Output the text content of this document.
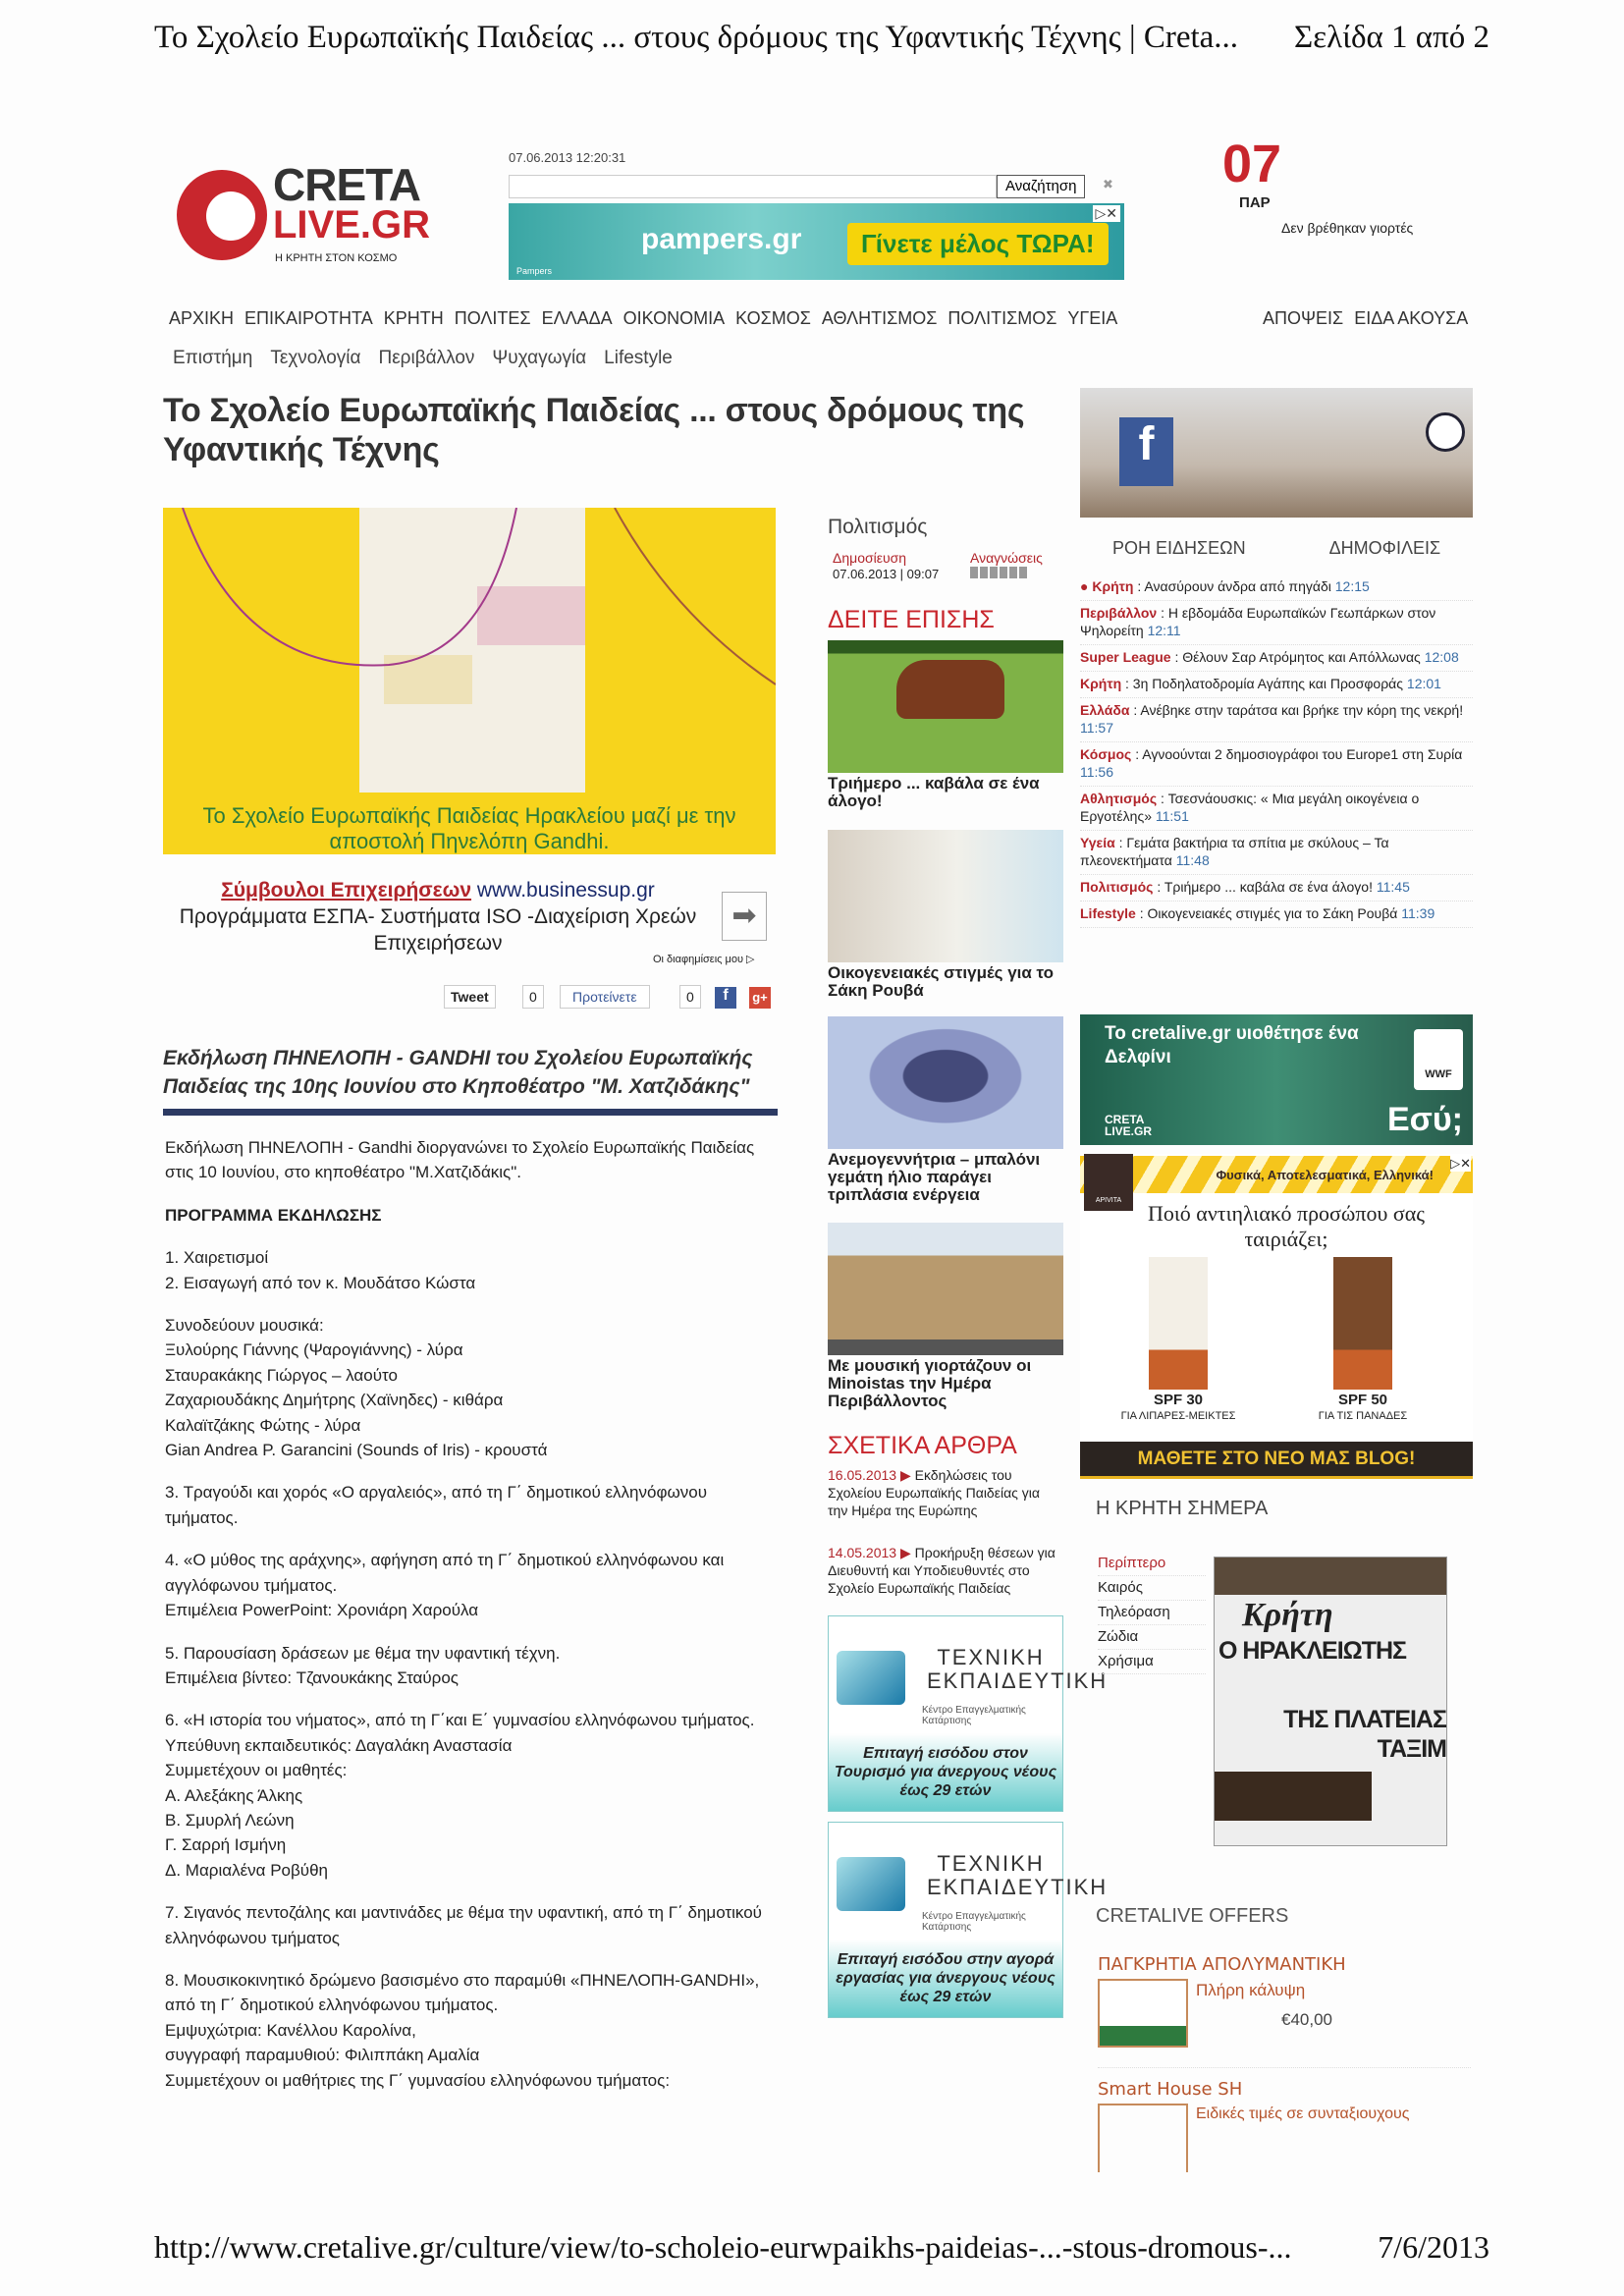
Το Σχολείο Ευρωπαϊκής Παιδείας ... στους δρόμους της Υφαντικής Τέχνης | Creta... Σελίδα 1 από 2
CRETA
LIVE.GR
Η ΚΡΗΤΗ ΣΤΟΝ ΚΟΣΜΟ
07.06.2013 12:20:31
Αναζήτηση	✖
Pampers
pampers.gr	Γίνετε μέλος ΤΩΡΑ!
▷✕
07
ΠΑΡ
Δεν βρέθηκαν γιορτές
ΑΡΧΙΚΗ ΕΠΙΚΑΙΡΟΤΗΤΑ ΚΡΗΤΗ ΠΟΛΙΤΕΣ ΕΛΛΑΔΑ ΟΙΚΟΝΟΜΙΑ ΚΟΣΜΟΣ ΑΘΛΗΤΙΣΜΟΣ ΠΟΛΙΤΙΣΜΟΣ ΥΓΕΙΑ	ΑΠΟΨΕΙΣ ΕΙΔΑ ΑΚΟΥΣΑ
Επιστήμη Τεχνολογία Περιβάλλον Ψυχαγωγία Lifestyle
Το Σχολείο Ευρωπαϊκής Παιδείας ... στους δρόμους της Υφαντικής Τέχνης
Το Σχολείο Ευρωπαϊκής Παιδείας Ηρακλείου μαζί με την αποστολή Πηνελόπη Gandhi.
Σύμβουλοι Επιχειρήσεων www.businessup.gr
Προγράμματα ΕΣΠΑ- Συστήματα ISO -Διαχείριση Χρεών Επιχειρήσεων
➡
Οι διαφημίσεις μου ▷
Tweet	0	Προτείνετε	0	f	g+
Εκδήλωση ΠΗΝΕΛΟΠΗ - GANDHI του Σχολείου Ευρωπαϊκής Παιδείας της 10ης Ιουνίου στο Κηποθέατρο "Μ. Χατζιδάκης"

Εκδήλωση ΠΗΝΕΛΟΠΗ - Gandhi διοργανώνει το Σχολείο Ευρωπαϊκής Παιδείας στις 10 Ιουνίου, στο κηποθέατρο "Μ.Χατζιδάκις".

ΠΡΟΓΡΑΜΜΑ ΕΚΔΗΛΩΣΗΣ

1. Χαιρετισμοί
2. Εισαγωγή από τον κ. Μουδάτσο Κώστα

Συνοδεύουν μουσικά:
Ξυλούρης Γιάννης (Ψαρογιάννης) - λύρα
Σταυρακάκης Γιώργος – λαούτο
Ζαχαριουδάκης Δημήτρης (Χαϊνηδες) - κιθάρα
Καλαϊτζάκης Φώτης - λύρα
Gian Andrea P. Garancini (Sounds of Iris) - κρουστά

3. Τραγούδι και χορός «Ο αργαλειός», από τη Γ΄ δημοτικού ελληνόφωνου τμήματος.

4. «Ο μύθος της αράχνης», αφήγηση από τη Γ΄ δημοτικού ελληνόφωνου και αγγλόφωνου τμήματος.
Επιμέλεια PowerPoint: Χρονιάρη Χαρούλα

5. Παρουσίαση δράσεων με θέμα την υφαντική τέχνη.
Επιμέλεια βίντεο: Τζανουκάκης Σταύρος

6. «Η ιστορία του νήματος», από τη Γ΄και Ε΄ γυμνασίου ελληνόφωνου τμήματος.
Υπεύθυνη εκπαιδευτικός: Δαγαλάκη Αναστασία
Συμμετέχουν οι μαθητές:
Α. Αλεξάκης Άλκης
Β. Σμυρλή Λεώνη
Γ. Σαρρή Ισμήνη
Δ. Μαριαλένα Ροβύθη

7. Σιγανός πεντοζάλης και μαντινάδες με θέμα την υφαντική, από τη Γ΄ δημοτικού ελληνόφωνου τμήματος

8. Μουσικοκινητικό δρώμενο βασισμένο στο παραμύθι «ΠΗΝΕΛΟΠΗ-GANDHI», από τη Γ΄ δημοτικού ελληνόφωνου τμήματος.
Εμψυχώτρια: Κανέλλου Καρολίνα,
συγγραφή παραμυθιού: Φιλιππάκη Αμαλία
Συμμετέχουν οι μαθήτριες της Γ΄ γυμνασίου ελληνόφωνου τμήματος:

Πολιτισμός
Δημοσίευση
07.06.2013 | 09:07
Αναγνώσεις
ΔΕΙΤΕ ΕΠΙΣΗΣ
Τριήμερο ... καβάλα σε ένα άλογο!
Οικογενειακές στιγμές για το Σάκη Ρουβά
Ανεμογεννήτρια – μπαλόνι γεμάτη ήλιο παράγει τριπλάσια ενέργεια
Με μουσική γιορτάζουν οι Minoistas την Ημέρα Περιβάλλοντος
ΣΧΕΤΙΚΑ ΑΡΘΡΑ
16.05.2013 ▶ Εκδηλώσεις του Σχολείου Ευρωπαϊκής Παιδείας για την Ημέρα της Ευρώπης
14.05.2013 ▶ Προκήρυξη θέσεων για Διευθυντή και Υποδιευθυντές στο Σχολείο Ευρωπαϊκής Παιδείας
ΤΕΧΝΙΚΗ ΕΚΠΑΙΔΕΥΤΙΚΗ
Κέντρο Επαγγελματικής Κατάρτισης
Επιταγή εισόδου στον Τουρισμό για άνεργους νέους έως 29 ετών
ΤΕΧΝΙΚΗ ΕΚΠΑΙΔΕΥΤΙΚΗ
Κέντρο Επαγγελματικής Κατάρτισης
Επιταγή εισόδου στην αγορά εργασίας για άνεργους νέους έως 29 ετών
f
ΡΟΗ ΕΙΔΗΣΕΩΝ	ΔΗΜΟΦΙΛΕΙΣ
● Κρήτη : Ανασύρουν άνδρα από πηγάδι 12:15
Περιβάλλον : Η εβδομάδα Ευρωπαϊκών Γεωπάρκων στον Ψηλορείτη 12:11
Super League : Θέλουν Σαρ Ατρόμητος και Απόλλωνας 12:08
Κρήτη : 3η Ποδηλατοδρομία Αγάπης και Προσφοράς 12:01
Ελλάδα : Ανέβηκε στην ταράτσα και βρήκε την κόρη της νεκρή! 11:57
Κόσμος : Αγνοούνται 2 δημοσιογράφοι του Europe1 στη Συρία 11:56
Αθλητισμός : Τσεσνάουσκις: « Μια μεγάλη οικογένεια ο Εργοτέλης» 11:51
Υγεία : Γεμάτα βακτήρια τα σπίτια με σκύλους – Τα πλεονεκτήματα 11:48
Πολιτισμός : Τριήμερο ... καβάλα σε ένα άλογο! 11:45
Lifestyle : Οικογενειακές στιγμές για το Σάκη Ρουβά 11:39
Το cretalive.gr υιοθέτησε ένα Δελφίνι
WWF
CRETA LIVE.GR	Εσύ;
APIVITA
Φυσικά, Αποτελεσματικά, Ελληνικά!
▷✕
Ποιό αντιηλιακό προσώπου σας ταιριάζει;
SPF 30
ΓΙΑ ΛΙΠΑΡΕΣ-ΜΕΙΚΤΕΣ
SPF 50
ΓΙΑ ΤΙΣ ΠΑΝΑΔΕΣ
ΜΑΘΕΤΕ ΣΤΟ ΝΕΟ ΜΑΣ BLOG!
Η ΚΡΗΤΗ ΣΗΜΕΡΑ
Περίπτερο
Καιρός
Τηλεόραση
Ζώδια
Χρήσιμα
Κρήτη
Ο ΗΡΑΚΛΕΙΩΤΗΣ
ΤΗΣ ΠΛΑΤΕΙΑΣ ΤΑΞΙΜ
CRETALIVE OFFERS
ΠΑΓΚΡΗΤΙΑ ΑΠΟΛΥΜΑΝΤΙΚΗ
Πλήρη κάλυψη
€40,00
Smart House SH
Ειδικές τιμές σε συνταξιουχους
http://www.cretalive.gr/culture/view/to-scholeio-eurwpaikhs-paideias-...-stous-dromous-...	7/6/2013
